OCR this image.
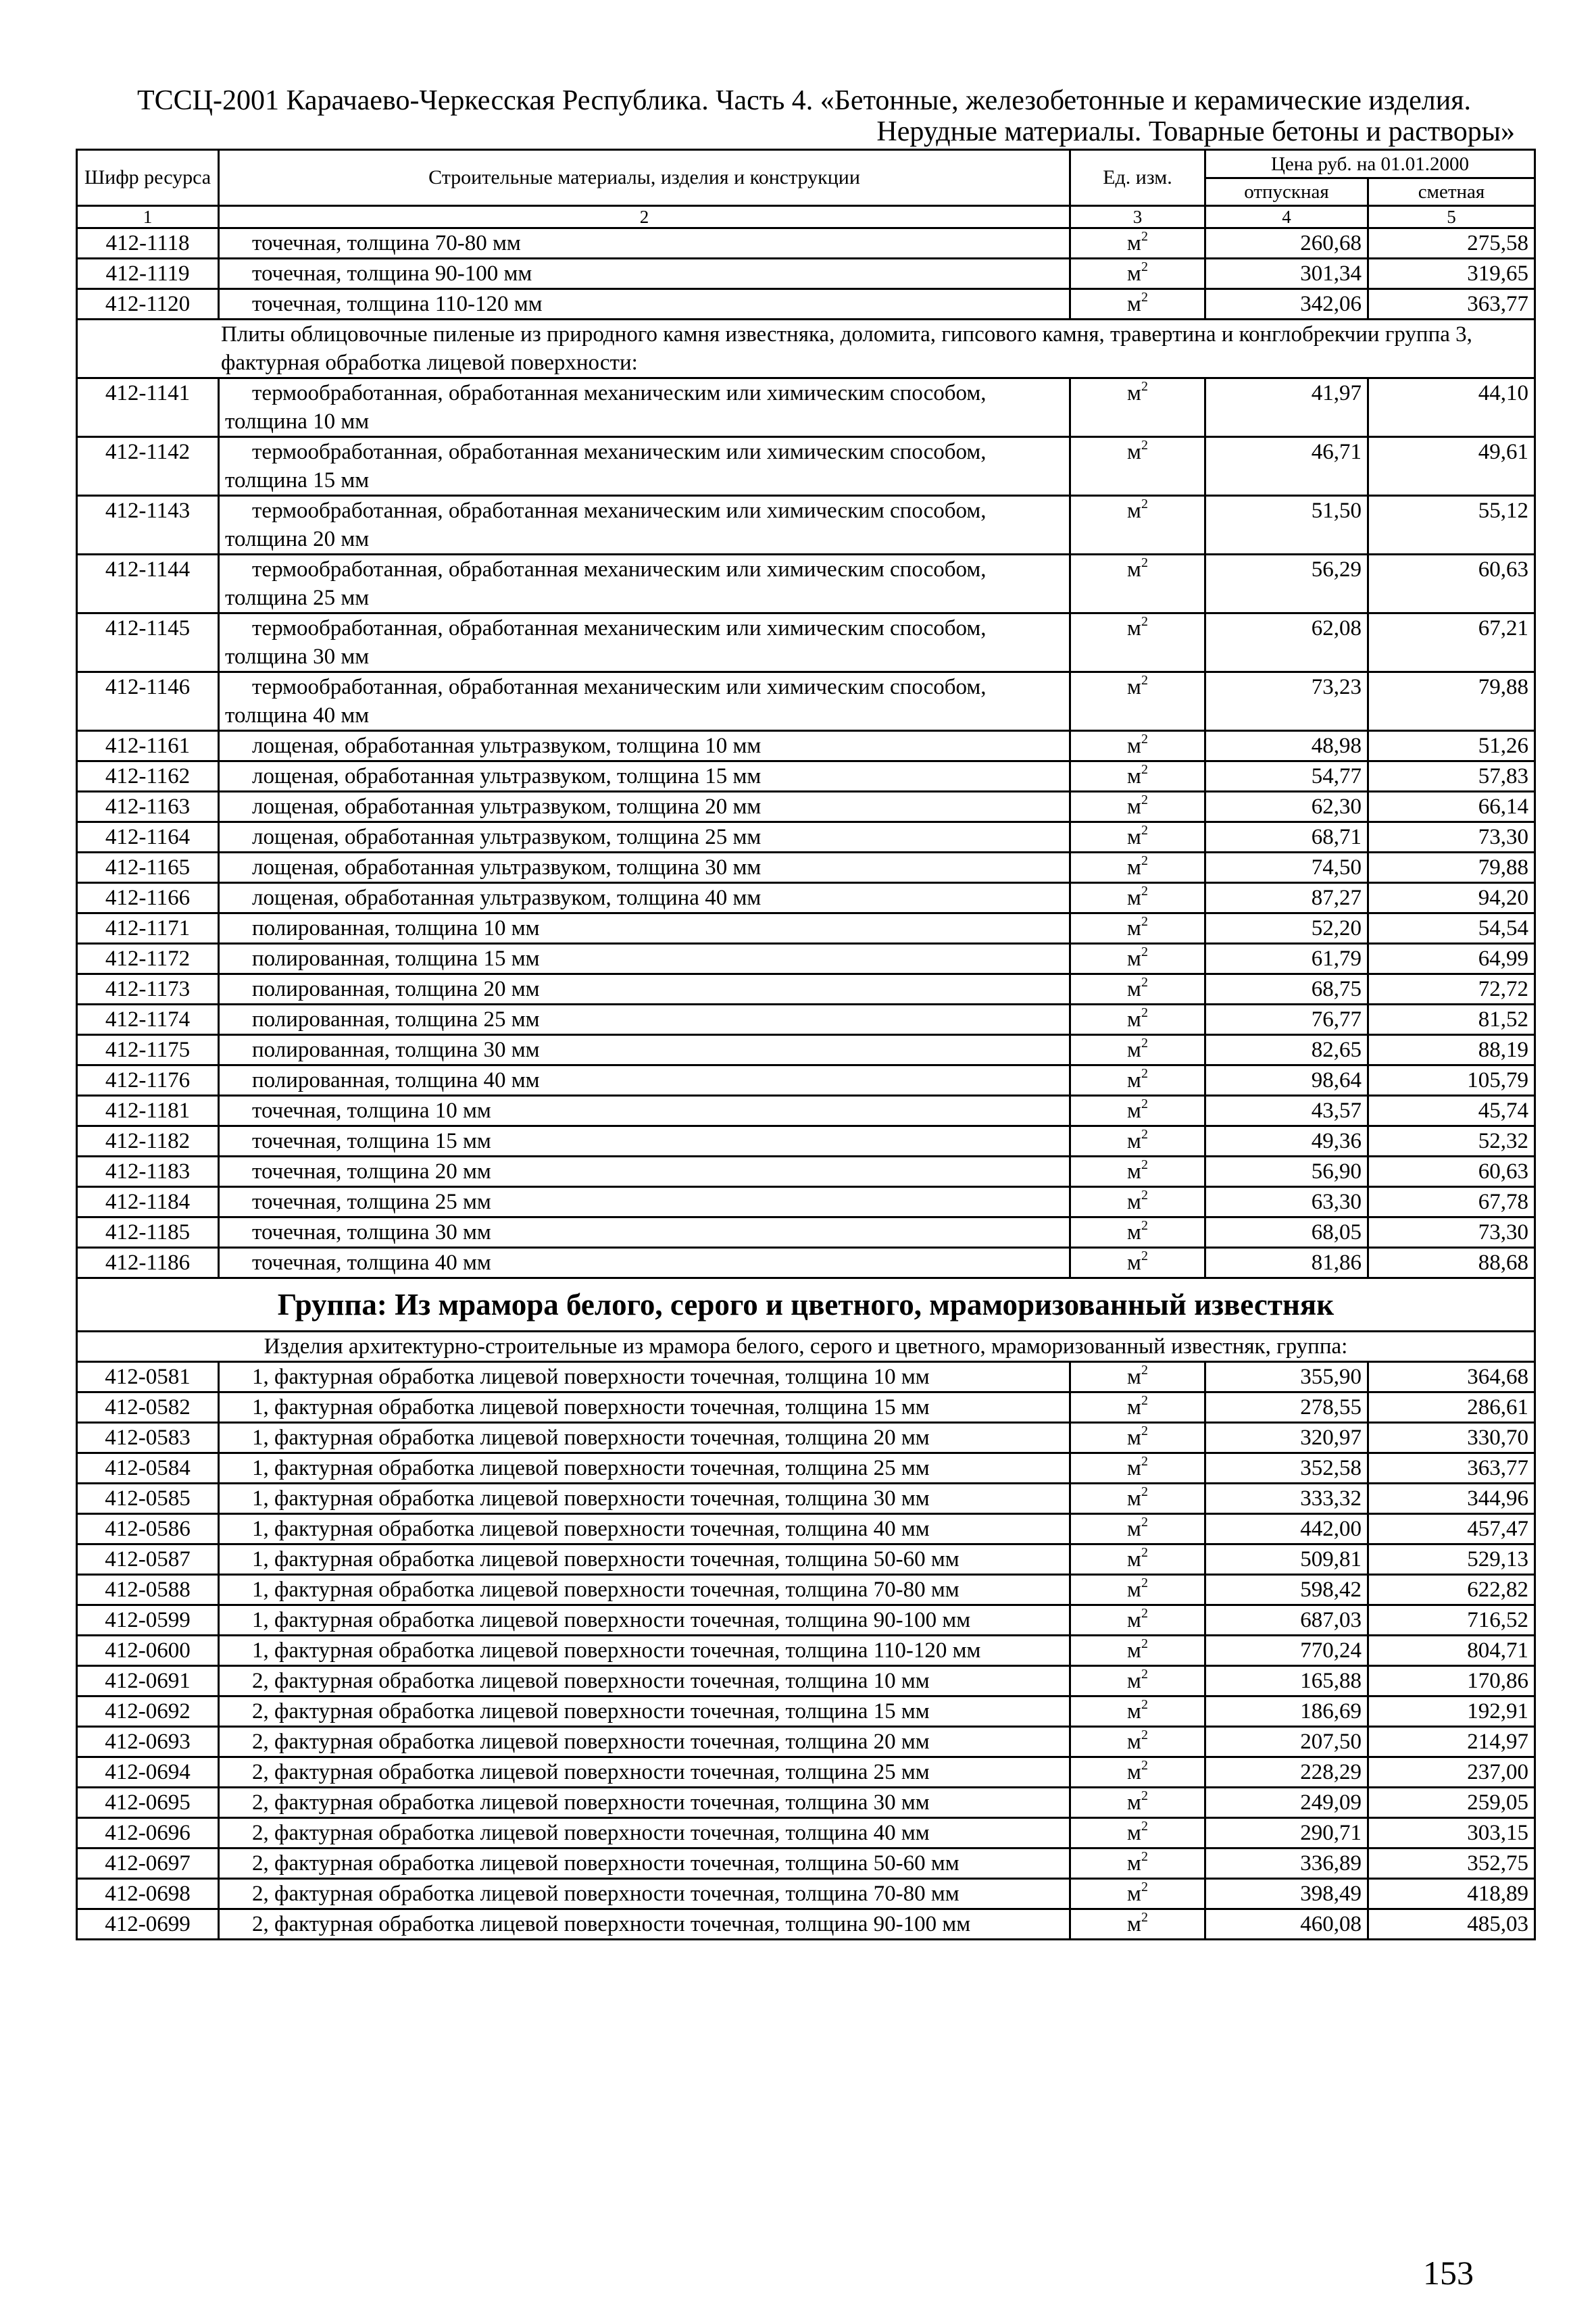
ТССЦ-2001 Карачаево-Черкесская Республика. Часть 4. «Бетонные, железобетонные и керамические изделия.
Нерудные материалы. Товарные бетоны и растворы»
Шифр ресурса	Строительные материалы, изделия и конструкции	Ед. изм.	Цена руб. на 01.01.2000	
			отпускная	сметная
1	2	3	4	5
412-1118	точечная, толщина 70-80 мм	$м^2$	260,68	275,58
412-1119	точечная, толщина 90-100 мм	$м^2$	301,34	319,65
412-1120	точечная, толщина 110-120 мм	$м^2$	342,06	363,77
Плиты облицовочные пиленые из природного камня известняка, доломита, гипсового камня, травертина и конглобрекчии группа 3, фактурная обработка лицевой поверхности:				
412-1141	термообработанная, обработанная механическим или химическим способом, толщина 10 мм	$м^2$	41,97	44,10
412-1142	термообработанная, обработанная механическим или химическим способом, толщина 15 мм	$м^2$	46,71	49,61
412-1143	термообработанная, обработанная механическим или химическим способом, толщина 20 мм	$м^2$	51,50	55,12
412-1144	термообработанная, обработанная механическим или химическим способом, толщина 25 мм	$м^2$	56,29	60,63
412-1145	термообработанная, обработанная механическим или химическим способом, толщина 30 мм	$м^2$	62,08	67,21
412-1146	термообработанная, обработанная механическим или химическим способом, толщина 40 мм	$м^2$	73,23	79,88
412-1161	лощеная, обработанная ультразвуком, толщина 10 мм	$м^2$	48,98	51,26
412-1162	лощеная, обработанная ультразвуком, толщина 15 мм	$м^2$	54,77	57,83
412-1163	лощеная, обработанная ультразвуком, толщина 20 мм	$м^2$	62,30	66,14
412-1164	лощеная, обработанная ультразвуком, толщина 25 мм	$м^2$	68,71	73,30
412-1165	лощеная, обработанная ультразвуком, толщина 30 мм	$м^2$	74,50	79,88
412-1166	лощеная, обработанная ультразвуком, толщина 40 мм	$м^2$	87,27	94,20
412-1171	полированная, толщина 10 мм	$м^2$	52,20	54,54
412-1172	полированная, толщина 15 мм	$м^2$	61,79	64,99
412-1173	полированная, толщина 20 мм	$м^2$	68,75	72,72
412-1174	полированная, толщина 25 мм	$м^2$	76,77	81,52
412-1175	полированная, толщина 30 мм	$м^2$	82,65	88,19
412-1176	полированная, толщина 40 мм	$м^2$	98,64	105,79
412-1181	точечная, толщина 10 мм	$м^2$	43,57	45,74
412-1182	точечная, толщина 15 мм	$м^2$	49,36	52,32
412-1183	точечная, толщина 20 мм	$м^2$	56,90	60,63
412-1184	точечная, толщина 25 мм	$м^2$	63,30	67,78
412-1185	точечная, толщина 30 мм	$м^2$	68,05	73,30
412-1186	точечная, толщина 40 мм	$м^2$	81,86	88,68
Группа: Из мрамора белого, серого и цветного, мраморизованный известняк				
Изделия архитектурно-строительные из мрамора белого, серого и цветного, мраморизованный известняк, группа:				
412-0581	1, фактурная обработка лицевой поверхности точечная, толщина 10 мм	$м^2$	355,90	364,68
412-0582	1, фактурная обработка лицевой поверхности точечная, толщина 15 мм	$м^2$	278,55	286,61
412-0583	1, фактурная обработка лицевой поверхности точечная, толщина 20 мм	$м^2$	320,97	330,70
412-0584	1, фактурная обработка лицевой поверхности точечная, толщина 25 мм	$м^2$	352,58	363,77
412-0585	1, фактурная обработка лицевой поверхности точечная, толщина 30 мм	$м^2$	333,32	344,96
412-0586	1, фактурная обработка лицевой поверхности точечная, толщина 40 мм	$м^2$	442,00	457,47
412-0587	1, фактурная обработка лицевой поверхности точечная, толщина 50-60 мм	$м^2$	509,81	529,13
412-0588	1, фактурная обработка лицевой поверхности точечная, толщина 70-80 мм	$м^2$	598,42	622,82
412-0599	1, фактурная обработка лицевой поверхности точечная, толщина 90-100 мм	$м^2$	687,03	716,52
412-0600	1, фактурная обработка лицевой поверхности точечная, толщина 110-120 мм	$м^2$	770,24	804,71
412-0691	2, фактурная обработка лицевой поверхности точечная, толщина 10 мм	$м^2$	165,88	170,86
412-0692	2, фактурная обработка лицевой поверхности точечная, толщина 15 мм	$м^2$	186,69	192,91
412-0693	2, фактурная обработка лицевой поверхности точечная, толщина 20 мм	$м^2$	207,50	214,97
412-0694	2, фактурная обработка лицевой поверхности точечная, толщина 25 мм	$м^2$	228,29	237,00
412-0695	2, фактурная обработка лицевой поверхности точечная, толщина 30 мм	$м^2$	249,09	259,05
412-0696	2, фактурная обработка лицевой поверхности точечная, толщина 40 мм	$м^2$	290,71	303,15
412-0697	2, фактурная обработка лицевой поверхности точечная, толщина 50-60 мм	$м^2$	336,89	352,75
412-0698	2, фактурная обработка лицевой поверхности точечная, толщина 70-80 мм	$м^2$	398,49	418,89
412-0699	2, фактурная обработка лицевой поверхности точечная, толщина 90-100 мм	$м^2$	460,08	485,03
153
